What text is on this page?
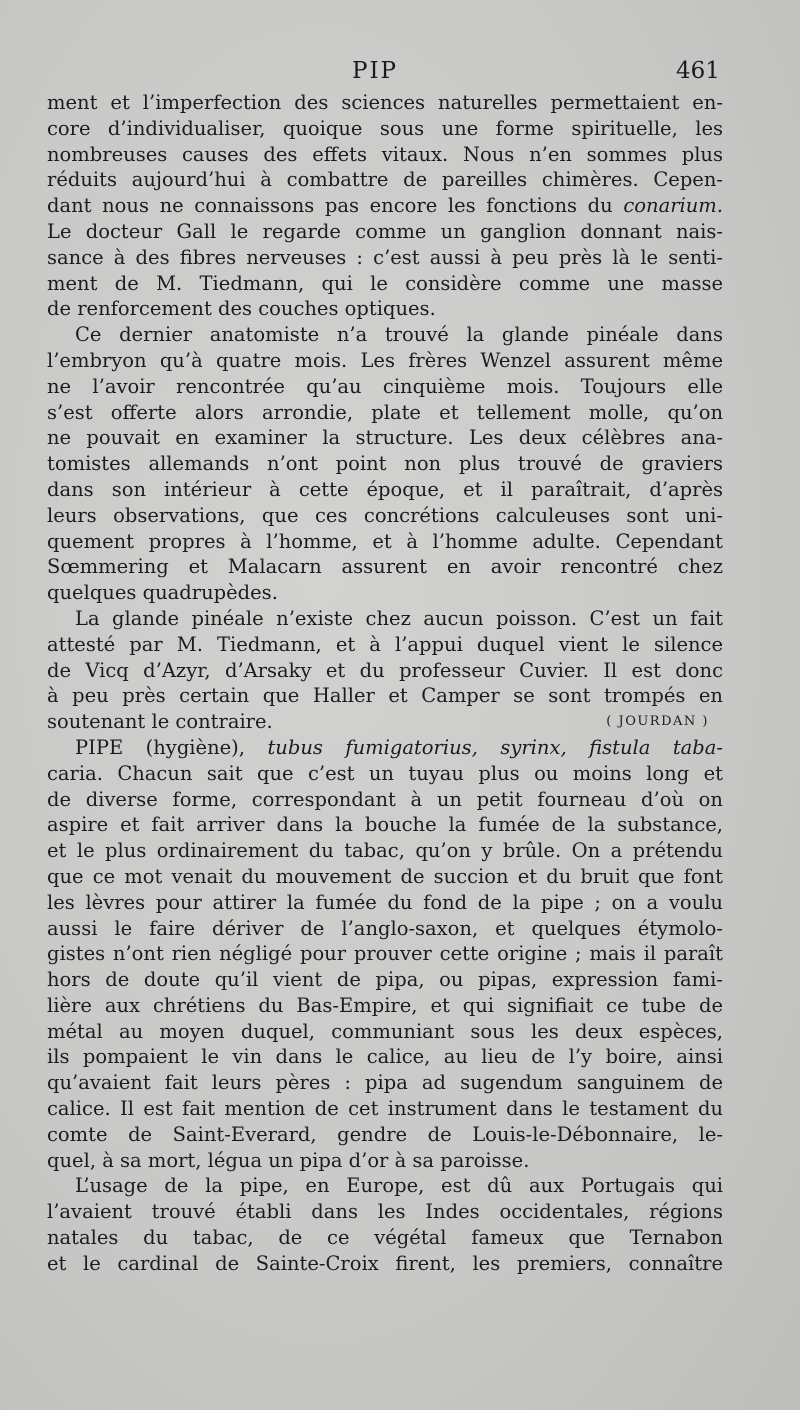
PIP	461
ment et l’imperfection des sciences naturelles permettaient en-
core d’individualiser, quoique sous une forme spirituelle, les
nombreuses causes des effets vitaux. Nous n’en sommes plus
réduits aujourd’hui à combattre de pareilles chimères. Cepen-
dant nous ne connaissons pas encore les fonctions du conarium.
Le docteur Gall le regarde comme un ganglion donnant nais-
sance à des fibres nerveuses : c’est aussi à peu près là le senti-
ment de M. Tiedmann, qui le considère comme une masse
de renforcement des couches optiques.
Ce dernier anatomiste n’a trouvé la glande pinéale dans
l’embryon qu’à quatre mois. Les frères Wenzel assurent même
ne l’avoir rencontrée qu’au cinquième mois. Toujours elle
s’est offerte alors arrondie, plate et tellement molle, qu’on
ne pouvait en examiner la structure. Les deux célèbres ana-
tomistes allemands n’ont point non plus trouvé de graviers
dans son intérieur à cette époque, et il paraîtrait, d’après
leurs observations, que ces concrétions calculeuses sont uni-
quement propres à l’homme, et à l’homme adulte. Cependant
Sœmmering et Malacarn assurent en avoir rencontré chez
quelques quadrupèdes.
La glande pinéale n’existe chez aucun poisson. C’est un fait
attesté par M. Tiedmann, et à l’appui duquel vient le silence
de Vicq d’Azyr, d’Arsaky et du professeur Cuvier. Il est donc
à peu près certain que Haller et Camper se sont trompés en
soutenant le contraire.	( JOURDAN )
PIPE (hygiène), tubus fumigatorius, syrinx, fistula taba-
caria. Chacun sait que c’est un tuyau plus ou moins long et
de diverse forme, correspondant à un petit fourneau d’où on
aspire et fait arriver dans la bouche la fumée de la substance,
et le plus ordinairement du tabac, qu’on y brûle. On a prétendu
que ce mot venait du mouvement de succion et du bruit que font
les lèvres pour attirer la fumée du fond de la pipe ; on a voulu
aussi le faire dériver de l’anglo-saxon, et quelques étymolo-
gistes n’ont rien négligé pour prouver cette origine ; mais il paraît
hors de doute qu’il vient de pipa, ou pipas, expression fami-
lière aux chrétiens du Bas-Empire, et qui signifiait ce tube de
métal au moyen duquel, communiant sous les deux espèces,
ils pompaient le vin dans le calice, au lieu de l’y boire, ainsi
qu’avaient fait leurs pères : pipa ad sugendum sanguinem de
calice. Il est fait mention de cet instrument dans le testament du
comte de Saint-Everard, gendre de Louis-le-Débonnaire, le-
quel, à sa mort, légua un pipa d’or à sa paroisse.
L’usage de la pipe, en Europe, est dû aux Portugais qui
l’avaient trouvé établi dans les Indes occidentales, régions
natales du tabac, de ce végétal fameux que Ternabon
et le cardinal de Sainte-Croix firent, les premiers, connaître
